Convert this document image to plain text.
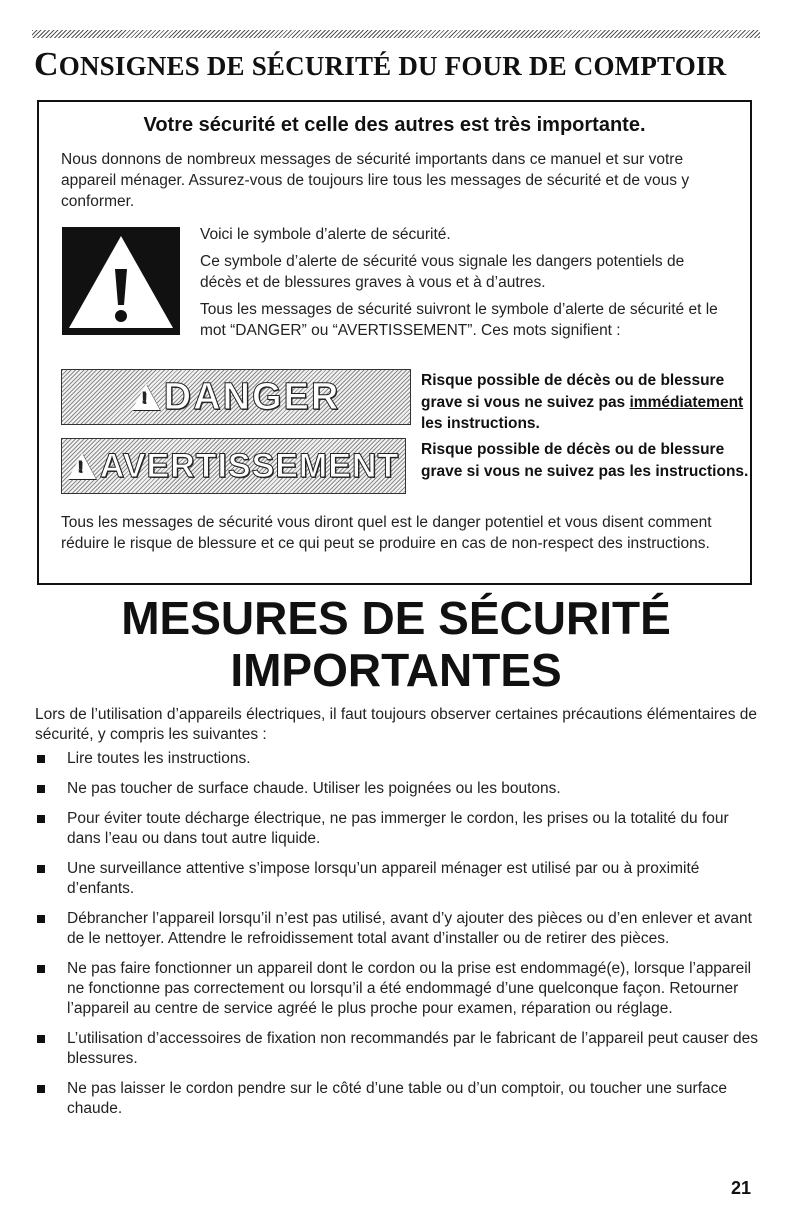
CONSIGNES DE SÉCURITÉ DU FOUR DE COMPTOIR
Votre sécurité et celle des autres est très importante.
Nous donnons de nombreux messages de sécurité importants dans ce manuel et sur votre appareil ménager. Assurez-vous de toujours lire tous les messages de sécurité et de vous y conformer.

Voici le symbole d’alerte de sécurité.

Ce symbole d’alerte de sécurité vous signale les dangers potentiels de décès et de blessures graves à vous et à d’autres.

Tous les messages de sécurité suivront le symbole d’alerte de sécurité et le mot “DANGER” ou “AVERTISSEMENT”. Ces mots signifient :

!
DANGER	Risque possible de décès ou de blessure grave si vous ne suivez pas immédiatement les instructions.
!
AVERTISSEMENT Risque possible de décès ou de blessure grave si vous ne suivez pas les instructions.
Tous les messages de sécurité vous diront quel est le danger potentiel et vous disent comment réduire le risque de blessure et ce qui peut se produire en cas de non-respect des instructions.
MESURES DE SÉCURITÉ
IMPORTANTES
Lors de l’utilisation d’appareils électriques, il faut toujours observer certaines précautions élémentaires de sécurité, y compris les suivantes :
Lire toutes les instructions.
Ne pas toucher de surface chaude. Utiliser les poignées ou les boutons.
Pour éviter toute décharge électrique, ne pas immerger le cordon, les prises ou la totalité du four dans l’eau ou dans tout autre liquide.
Une surveillance attentive s’impose lorsqu’un appareil ménager est utilisé par ou à proximité d’enfants.
Débrancher l’appareil lorsqu’il n’est pas utilisé, avant d’y ajouter des pièces ou d’en enlever et avant de le nettoyer. Attendre le refroidissement total avant d’installer ou de retirer des pièces.
Ne pas faire fonctionner un appareil dont le cordon ou la prise est endommagé(e), lorsque l’appareil ne fonctionne pas correctement ou lorsqu’il a été endommagé d’une quelconque façon. Retourner l’appareil au centre de service agréé le plus proche pour examen, réparation ou réglage.
L’utilisation d’accessoires de fixation non recommandés par le fabricant de l’appareil peut causer des blessures.
Ne pas laisser le cordon pendre sur le côté d’une table ou d’un comptoir, ou toucher une surface chaude.
21
